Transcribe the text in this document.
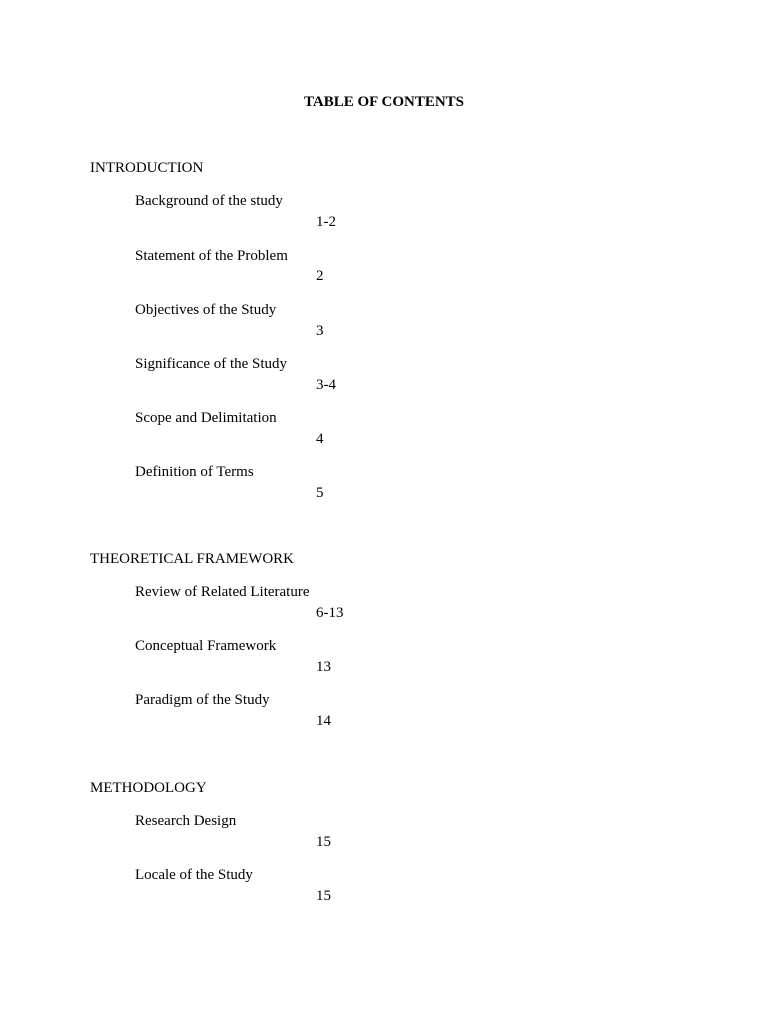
TABLE OF CONTENTS
INTRODUCTION
Background of the study
1-2
Statement of the Problem
2
Objectives of the Study
3
Significance of the Study
3-4
Scope and Delimitation
4
Definition of Terms
5
THEORETICAL FRAMEWORK
Review of Related Literature
6-13
Conceptual Framework
13
Paradigm of the Study
14
METHODOLOGY
Research Design
15
Locale of the Study
15
